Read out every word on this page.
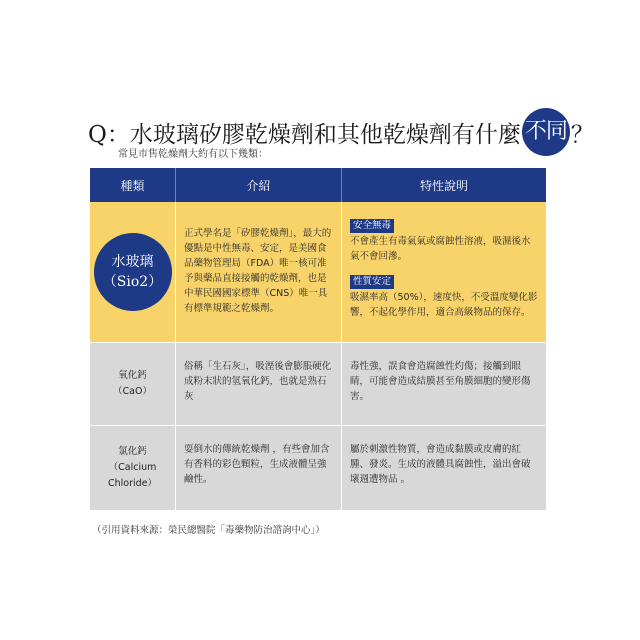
Q：水玻璃矽膠乾燥劑和其他乾燥劑有什麼 不同 ？
常見市售乾燥劑大約有以下幾類：
種類	介紹	特性說明
水玻璃
（Sio2）
正式學名是「矽膠乾燥劑」，最大的優點是中性無毒、安定，是美國食品藥物管理局（FDA）唯一核可准予與藥品直接接觸的乾燥劑，也是中華民國國家標準（CNS）唯一具有標準規範之乾燥劑。
安全無毒
不會產生有毒氣氣或腐蝕性溶液，吸濕後水氣不會回滲。
性質安定
吸濕率高（50%），速度快，不受溫度變化影響，不起化學作用，適合高級物品的保存。
氧化鈣
（CaO）
俗稱「生石灰」，吸溼後會膨脹硬化成粉末狀的氫氧化鈣，也就是熟石灰
毒性強，誤食會造腐蝕性灼傷；接觸到眼睛，可能會造成結膜甚至角膜細胞的變形傷害。
氯化鈣
（Calcium Chloride）
耍倒水的傳統乾燥劑 ，有些會加含有香料的彩色顆粒，生成液體呈強鹼性。
屬於刺激性物質，會造成黏膜或皮膚的紅腫、發炎。生成的液體具腐蝕性，溢出會破壞週遭物品 。
（引用資料來源：榮民總醫院「毒藥物防治諮詢中心」）
